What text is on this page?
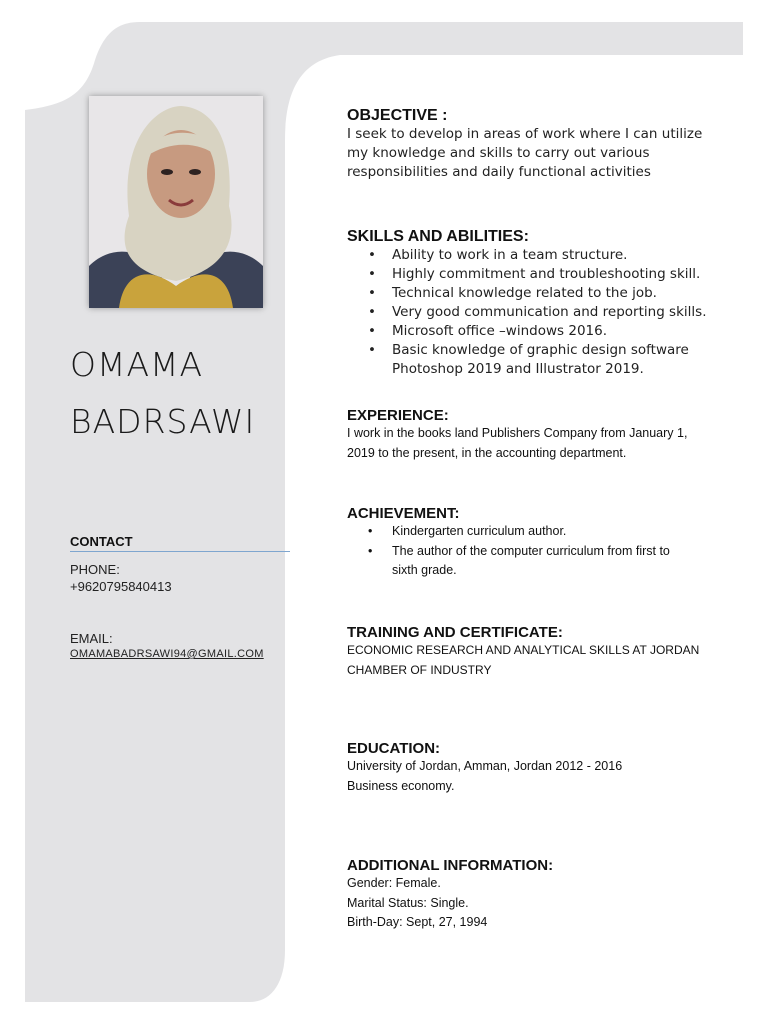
OMAMA
BADRSAWI
CONTACT
PHONE:
+9620795840413
EMAIL:
OMAMABADRSAWI94@GMAIL.COM
OBJECTIVE :
I seek to develop in areas of work where I can utilize
my knowledge and skills to carry out various
responsibilities and daily functional activities
SKILLS AND ABILITIES:
• Ability to work in a team structure.
• Highly commitment and troubleshooting skill.
• Technical knowledge related to the job.
• Very good communication and reporting skills.
• Microsoft office –windows 2016.
• Basic knowledge of graphic design software
Photoshop 2019 and Illustrator 2019.
EXPERIENCE:
I work in the books land Publishers Company from January 1,
2019 to the present, in the accounting department.
ACHIEVEMENT:
• Kindergarten curriculum author.
• The author of the computer curriculum from first to
sixth grade.
TRAINING AND CERTIFICATE:
ECONOMIC RESEARCH AND ANALYTICAL SKILLS AT JORDAN
CHAMBER OF INDUSTRY
EDUCATION:
University of Jordan, Amman, Jordan 2012 - 2016
Business economy.
ADDITIONAL INFORMATION:
Gender: Female.
Marital Status: Single.
Birth-Day: Sept, 27, 1994
